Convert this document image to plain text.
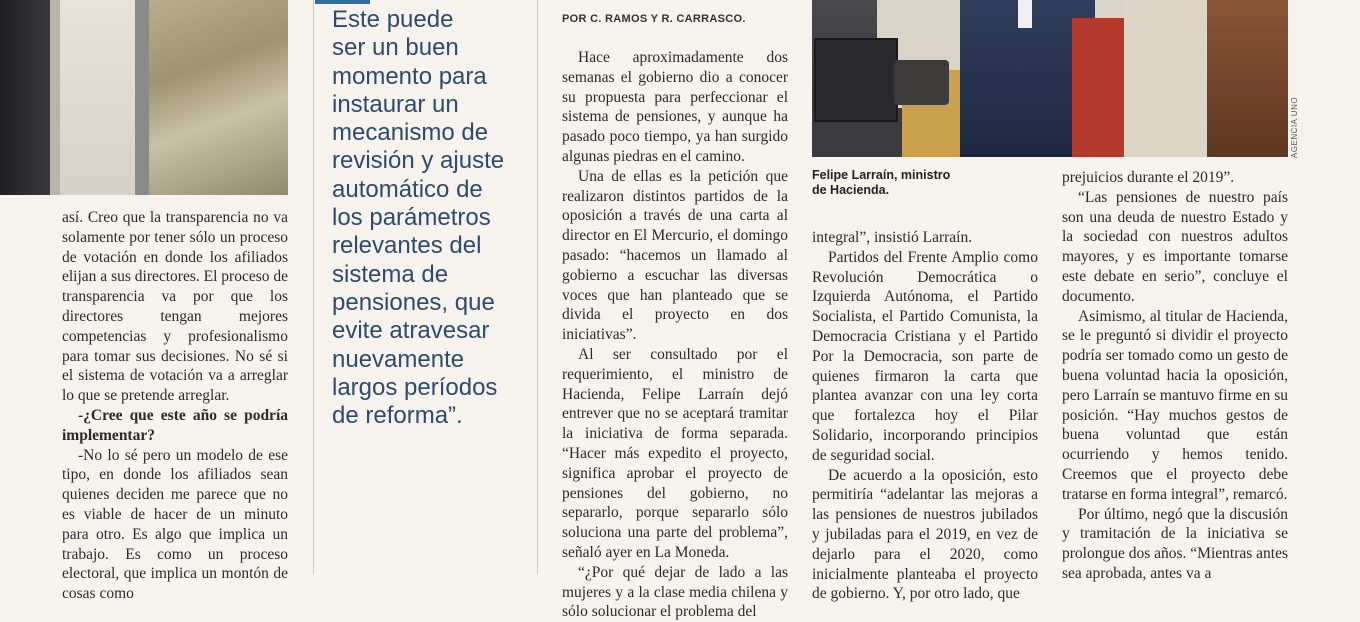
así. Creo que la transparencia no va solamente por tener sólo un proceso de votación en donde los afiliados elijan a sus directores. El proceso de transparencia va por que los directores tengan mejores competencias y profesionalismo para tomar sus decisiones. No sé si el sistema de votación va a arreglar lo que se pretende arreglar.

-¿Cree que este año se podría implementar?

-No lo sé pero un modelo de ese tipo, en donde los afiliados sean quienes deciden me parece que no es viable de hacer de un minuto para otro. Es algo que implica un trabajo. Es como un proceso electoral, que implica un montón de cosas como

Este puede
ser un buen
momento para
instaurar un
mecanismo de
revisión y ajuste
automático de
los parámetros
relevantes del
sistema de
pensiones, que
evite atravesar
nuevamente
largos períodos
de reforma”.
POR C. RAMOS Y R. CARRASCO.

Hace aproximadamente dos semanas el gobierno dio a conocer su propuesta para perfeccionar el sistema de pensiones, y aunque ha pasado poco tiempo, ya han surgido algunas piedras en el camino.

Una de ellas es la petición que realizaron distintos partidos de la oposición a través de una carta al director en El Mercurio, el domingo pasado: “hacemos un llamado al gobierno a escuchar las diversas voces que han planteado que se divida el proyecto en dos iniciativas”.

Al ser consultado por el requerimiento, el ministro de Hacienda, Felipe Larraín dejó entrever que no se aceptará tramitar la iniciativa de forma separada. “Hacer más expedito el proyecto, significa aprobar el proyecto de pensiones del gobierno, no separarlo, porque separarlo sólo soluciona una parte del problema”, señaló ayer en La Moneda.

“¿Por qué dejar de lado a las mujeres y a la clase media chilena y sólo solucionar el problema del

AGENCIA UNO
Felipe Larraín, ministro
de Hacienda.

integral”, insistió Larraín.

Partidos del Frente Amplio como Revolución Democrática o Izquierda Autónoma, el Partido Socialista, el Partido Comunista, la Democracia Cristiana y el Partido Por la Democracia, son parte de quienes firmaron la carta que plantea avanzar con una ley corta que fortalezca hoy el Pilar Solidario, incorporando principios de seguridad social.

De acuerdo a la oposición, esto permitiría “adelantar las mejoras a las pensiones de nuestros jubilados y jubiladas para el 2019, en vez de dejarlo para el 2020, como inicialmente planteaba el proyecto de gobierno. Y, por otro lado, que

prejuicios durante el 2019”.

“Las pensiones de nuestro país son una deuda de nuestro Estado y la sociedad con nuestros adultos mayores, y es importante tomarse este debate en serio”, concluye el documento.

Asimismo, al titular de Hacienda, se le preguntó si dividir el proyecto podría ser tomado como un gesto de buena voluntad hacia la oposición, pero Larraín se mantuvo firme en su posición. “Hay muchos gestos de buena voluntad que están ocurriendo y hemos tenido. Creemos que el proyecto debe tratarse en forma integral”, remarcó.

Por último, negó que la discusión y tramitación de la iniciativa se prolongue dos años. “Mientras antes sea aprobada, antes va a
